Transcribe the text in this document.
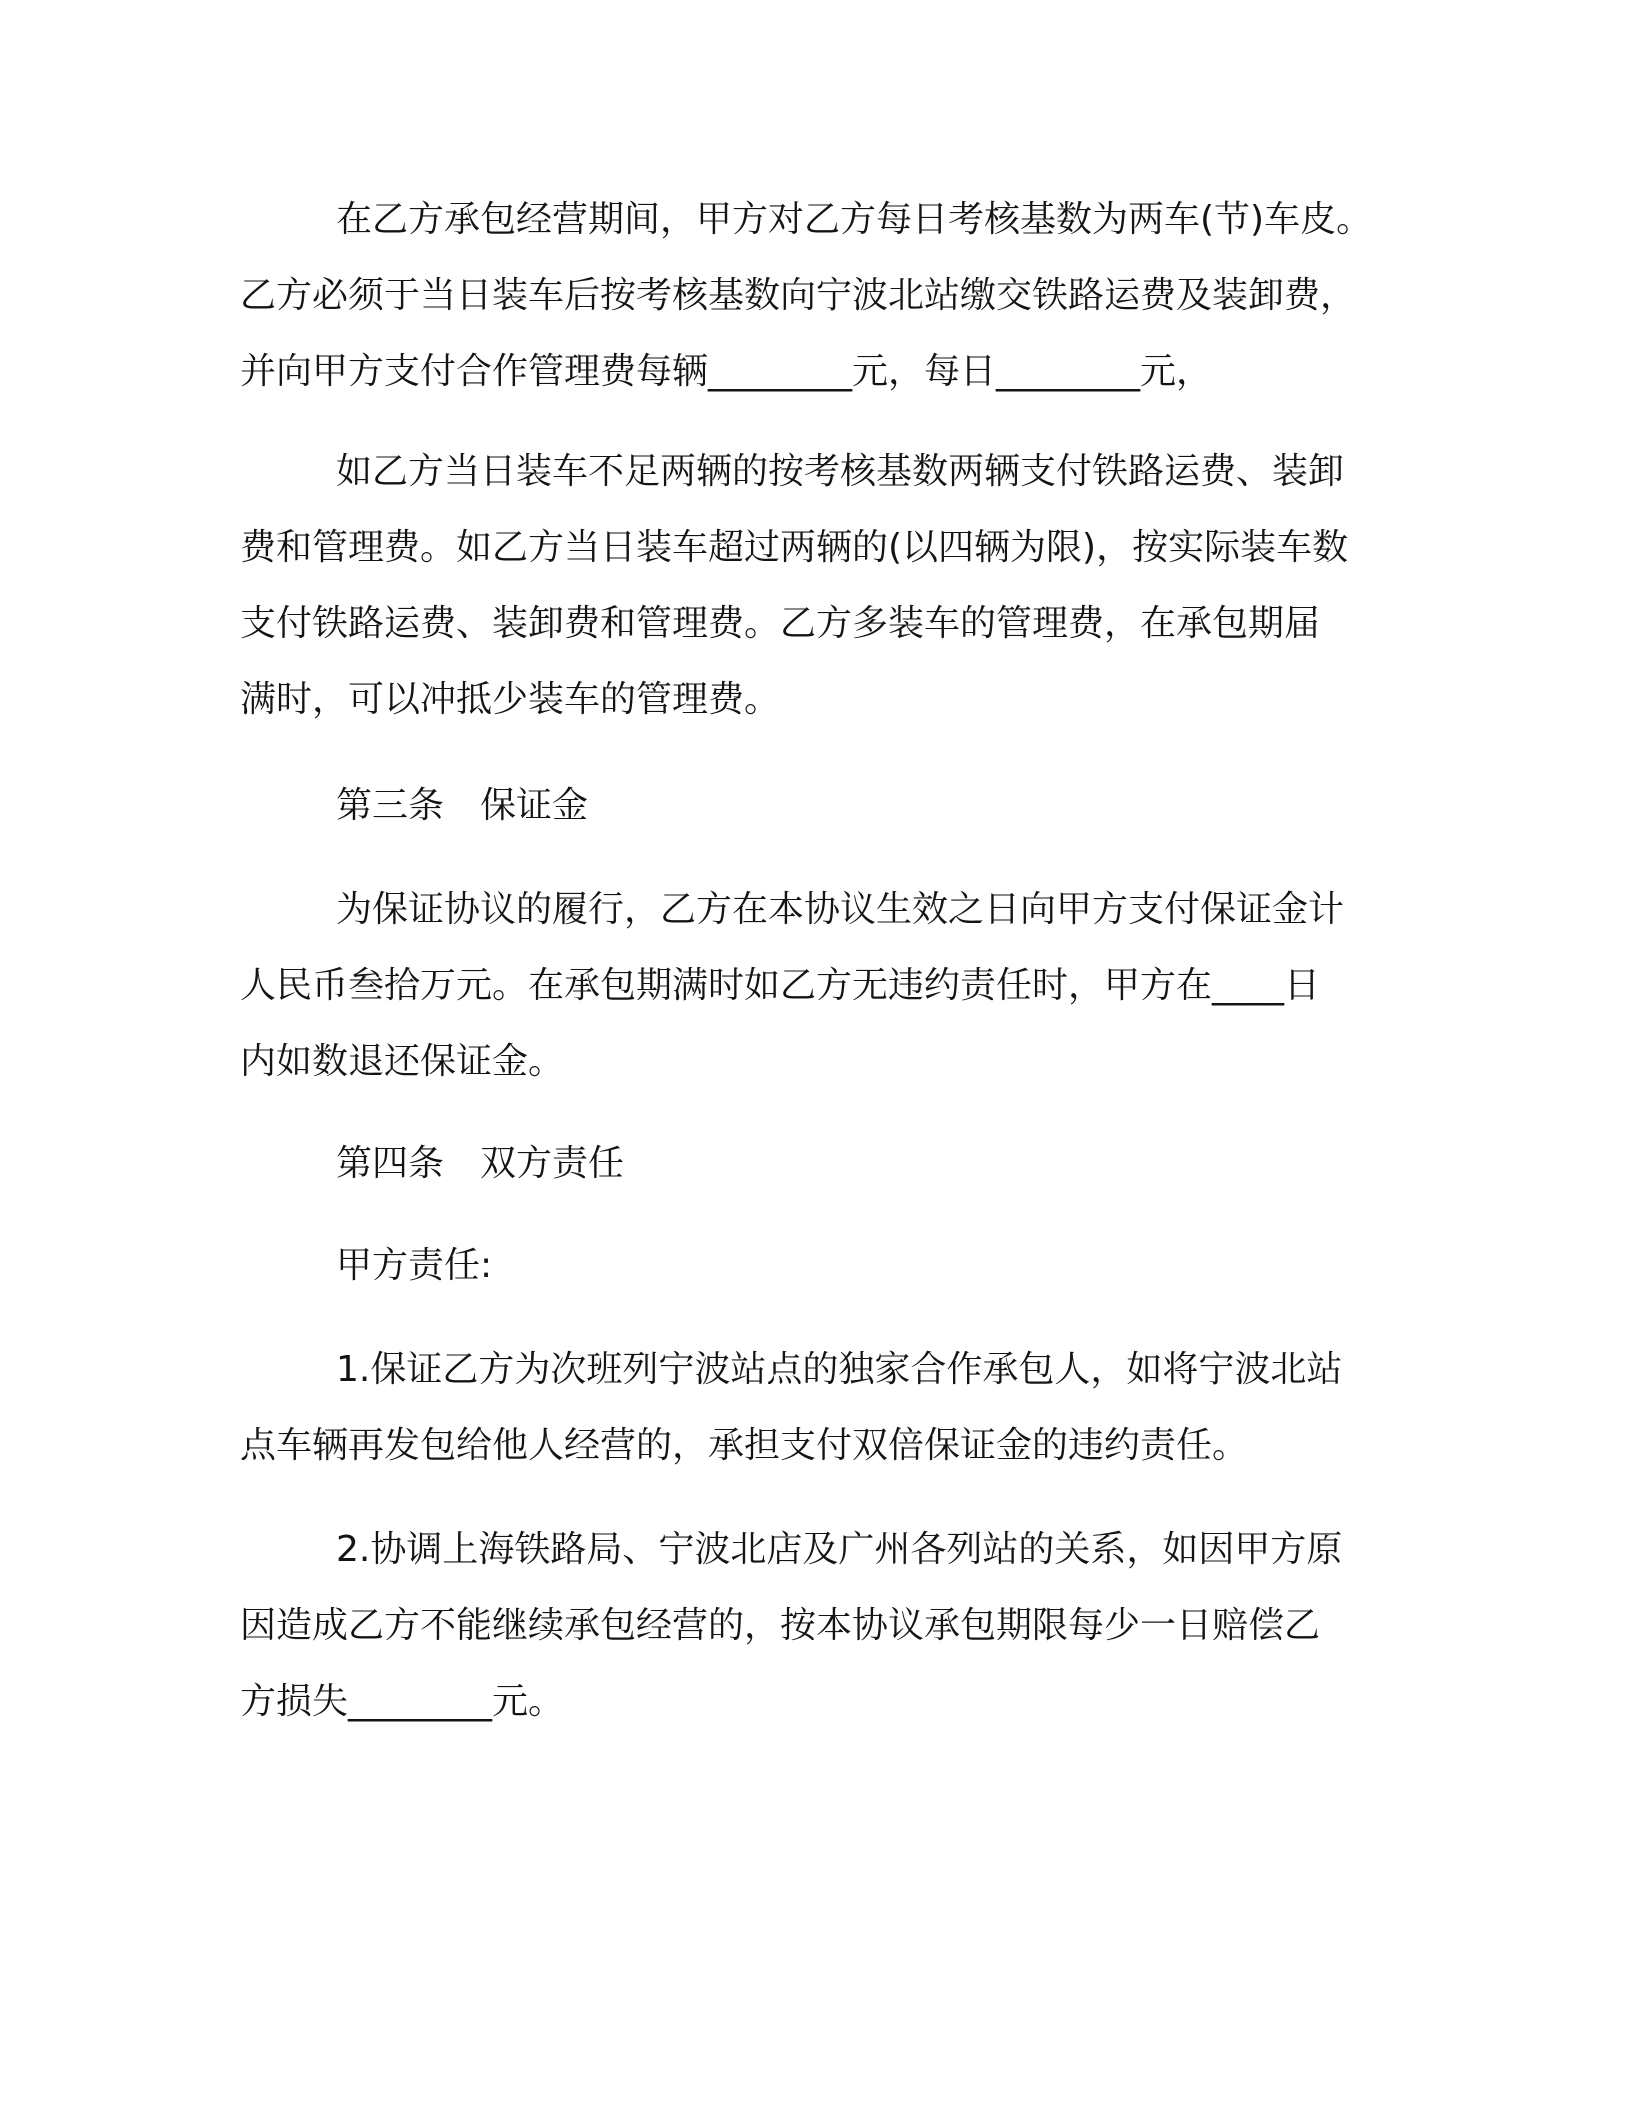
在乙方承包经营期间，甲方对乙方每日考核基数为两车(节)车皮。

乙方必须于当日装车后按考核基数向宁波北站缴交铁路运费及装卸费，

并向甲方支付合作管理费每辆________元，每日________元，

如乙方当日装车不足两辆的按考核基数两辆支付铁路运费、装卸

费和管理费。如乙方当日装车超过两辆的(以四辆为限)，按实际装车数

支付铁路运费、装卸费和管理费。乙方多装车的管理费，在承包期届

满时，可以冲抵少装车的管理费。

第三条　保证金

为保证协议的履行，乙方在本协议生效之日向甲方支付保证金计

人民币叁拾万元。在承包期满时如乙方无违约责任时，甲方在____日

内如数退还保证金。

第四条　双方责任

甲方责任:

1.保证乙方为次班列宁波站点的独家合作承包人，如将宁波北站

点车辆再发包给他人经营的，承担支付双倍保证金的违约责任。

2.协调上海铁路局、宁波北店及广州各列站的关系，如因甲方原

因造成乙方不能继续承包经营的，按本协议承包期限每少一日赔偿乙

方损失________元。
